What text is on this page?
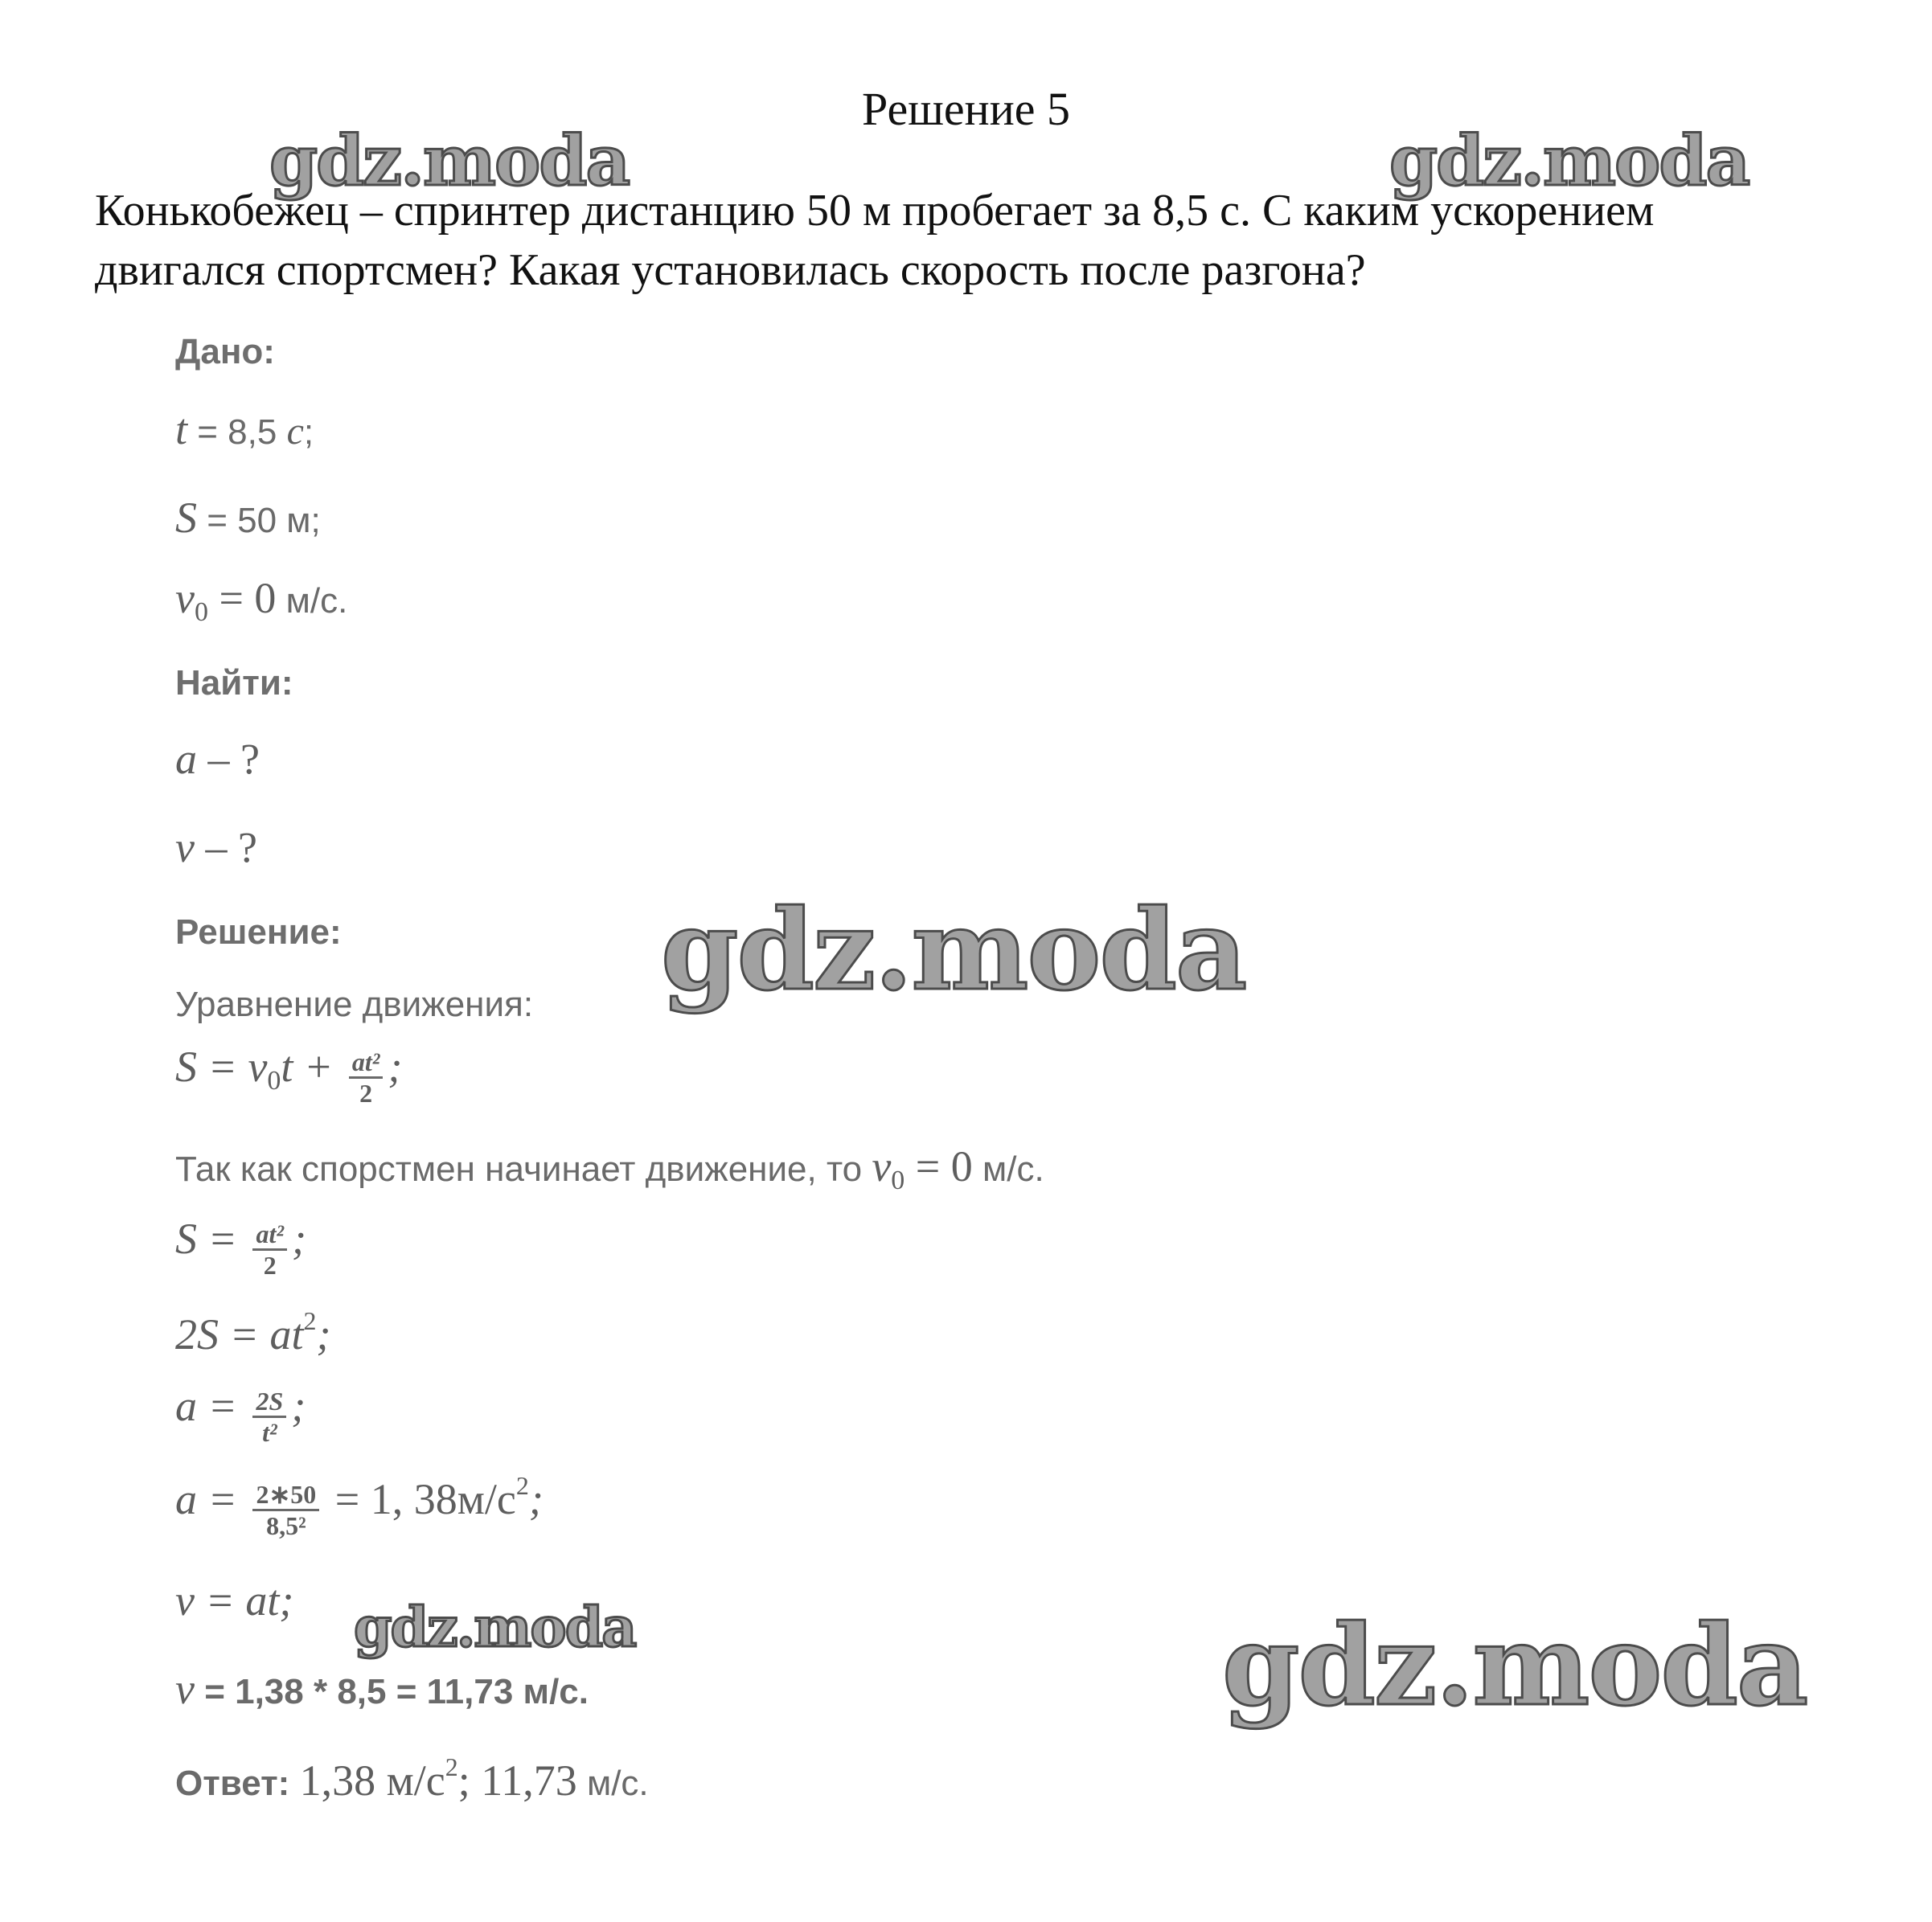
Решение 5

Конькобежец – спринтер дистанцию 50 м пробегает за 8,5 с. С каким ускорением

двигался спортсмен? Какая установилась скорость после разгона?

Дано:
t = 8,5 с;
S = 50 м;
v0 = 0 м/с.
Найти:
a – ?
v – ?
Решение:
Уравнение движения:
$S = v0t + \frac{\text{at²}}{2}$ ;
Так как спорстмен начинает движение, то v0 = 0 м/с.
$S = \frac{\text{at²}}{2}$ ;
2S = at2;
$a = \frac{2S}{\text{t²}}$ ;
$a = \frac{2∗50}{\text{8,5²}} = 1$, 38м/с2;
v = at;
v = 1,38 * 8,5 = 11,73 м/с.
Ответ: 1,38 м/с2; 11,73 м/с.
gdz.moda	gdz.moda
gdz.moda
gdz.moda	gdz.moda
